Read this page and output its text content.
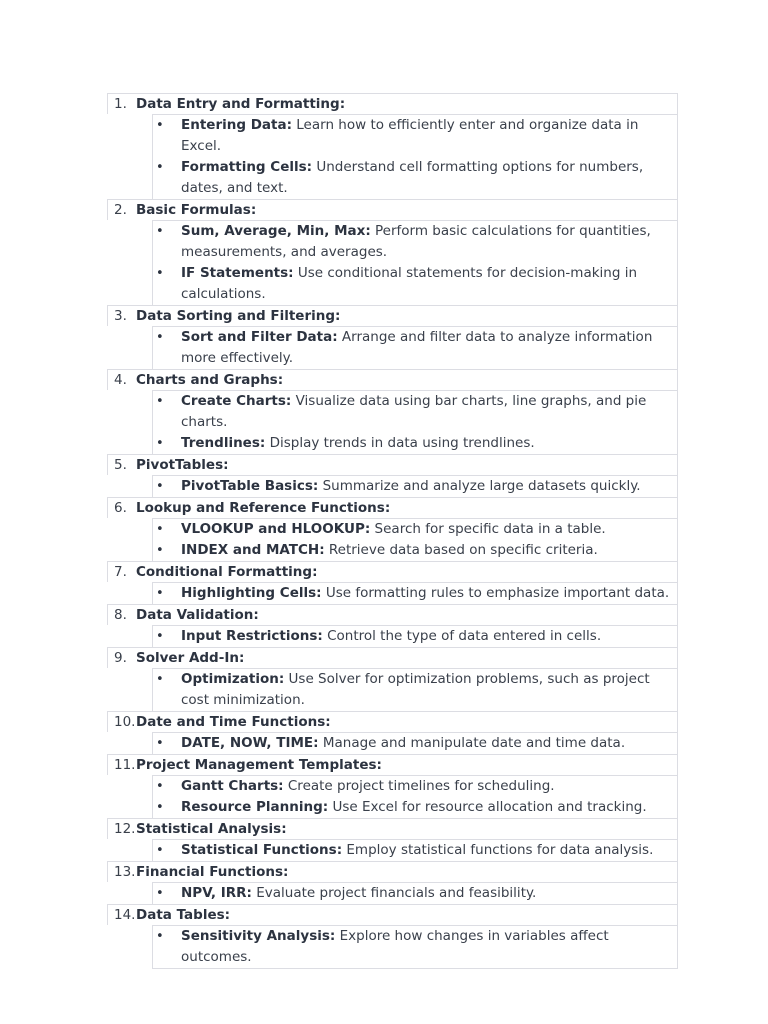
1. Data Entry and Formatting:
• Entering Data: Learn how to efficiently enter and organize data in Excel.
• Formatting Cells: Understand cell formatting options for numbers, dates, and text.
2. Basic Formulas:
• Sum, Average, Min, Max: Perform basic calculations for quantities, measurements, and averages.
• IF Statements: Use conditional statements for decision-making in calculations.
3. Data Sorting and Filtering:
• Sort and Filter Data: Arrange and filter data to analyze information more effectively.
4. Charts and Graphs:
• Create Charts: Visualize data using bar charts, line graphs, and pie charts.
• Trendlines: Display trends in data using trendlines.
5. PivotTables:
• PivotTable Basics: Summarize and analyze large datasets quickly.
6. Lookup and Reference Functions:
• VLOOKUP and HLOOKUP: Search for specific data in a table.
• INDEX and MATCH: Retrieve data based on specific criteria.
7. Conditional Formatting:
• Highlighting Cells: Use formatting rules to emphasize important data.
8. Data Validation:
• Input Restrictions: Control the type of data entered in cells.
9. Solver Add-In:
• Optimization: Use Solver for optimization problems, such as project cost minimization.
10. Date and Time Functions:
• DATE, NOW, TIME: Manage and manipulate date and time data.
11. Project Management Templates:
• Gantt Charts: Create project timelines for scheduling.
• Resource Planning: Use Excel for resource allocation and tracking.
12. Statistical Analysis:
• Statistical Functions: Employ statistical functions for data analysis.
13. Financial Functions:
• NPV, IRR: Evaluate project financials and feasibility.
14. Data Tables:
• Sensitivity Analysis: Explore how changes in variables affect outcomes.
